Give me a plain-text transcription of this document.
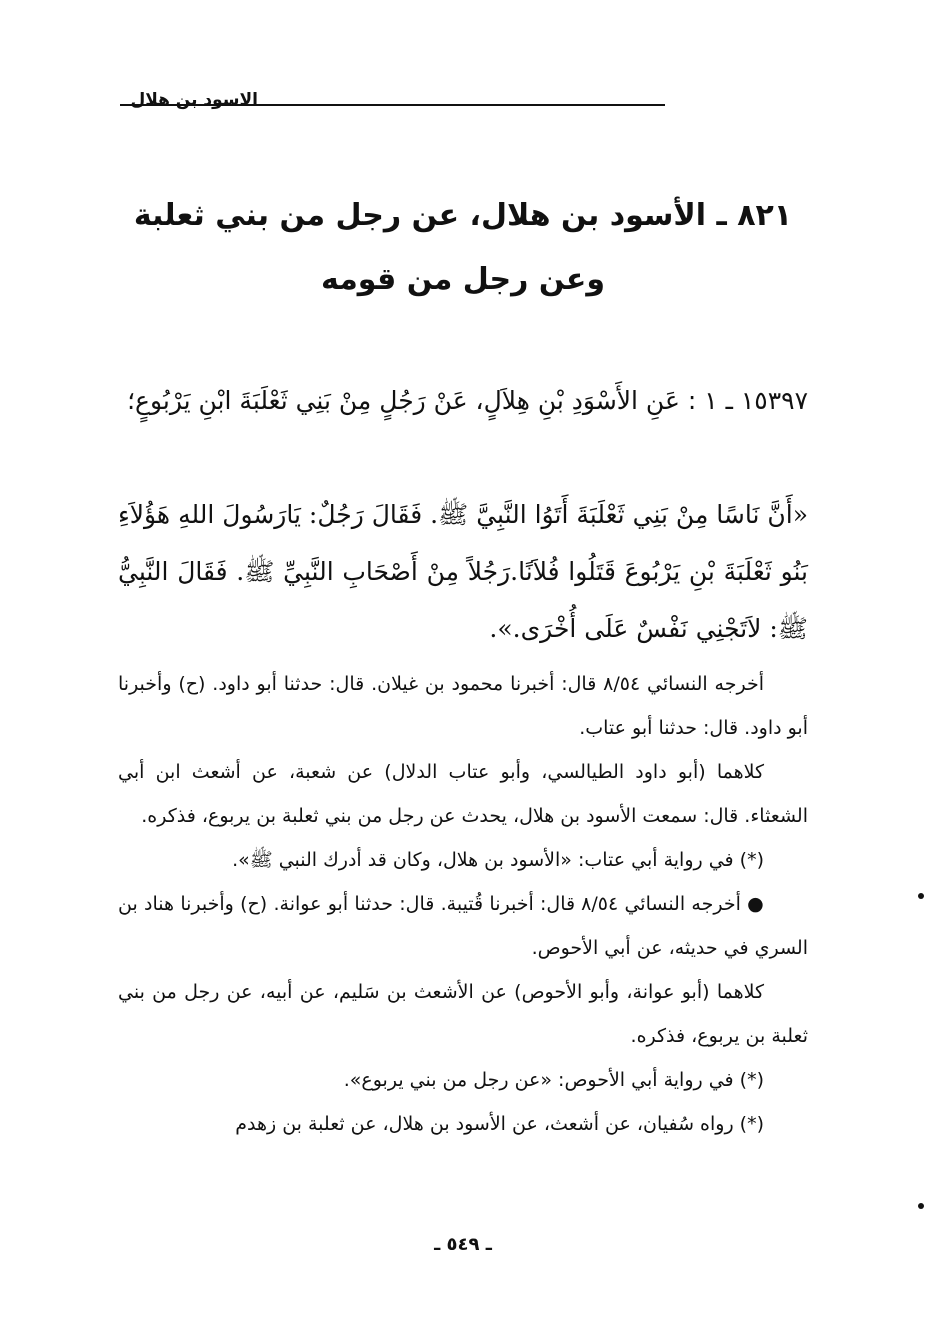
الاسود بن هلال
٨٢١ ـ الأسود بن هلال، عن رجل من بني ثعلبة
وعن رجل من قومه
١٥٣٩٧ ـ ١ : عَنِ الأَسْوَدِ بْنِ هِلاَلٍ، عَنْ رَجُلٍ مِنْ بَنِي ثَعْلَبَةَ ابْنِ يَرْبُوعٍ؛
«أَنَّ نَاسًا مِنْ بَنِي ثَعْلَبَةَ أَتَوُا النَّبِيَّ ﷺ. فَقَالَ رَجُلٌ: يَارَسُولَ اللهِ هَؤُلاَءِ بَنُو ثَعْلَبَةَ بْنِ يَرْبُوعَ قَتَلُوا فُلاَنًا.رَجُلاً مِنْ أَصْحَابِ النَّبِيِّ ﷺ. فَقَالَ النَّبِيُّ ﷺ: لاَتَجْنِي نَفْسٌ عَلَى أُخْرَى.».

أخرجه النسائي ٨/٥٤ قال: أخبرنا محمود بن غيلان. قال: حدثنا أبو داود. (ح) وأخبرنا أبو داود. قال: حدثنا أبو عتاب.

كلاهما (أبو داود الطيالسي، وأبو عتاب الدلال) عن شعبة، عن أشعث ابن أبي الشعثاء. قال: سمعت الأسود بن هلال، يحدث عن رجل من بني ثعلبة بن يربوع، فذكره.

(*) في رواية أبي عتاب: «الأسود بن هلال، وكان قد أدرك النبي ﷺ».

● أخرجه النسائي ٨/٥٤ قال: أخبرنا قُتيبة. قال: حدثنا أبو عوانة. (ح) وأخبرنا هناد بن السري في حديثه، عن أبي الأحوص.

كلاهما (أبو عوانة، وأبو الأحوص) عن الأشعث بن سَليم، عن أبيه، عن رجل من بني ثعلبة بن يربوع، فذكره.

(*) في رواية أبي الأحوص: «عن رجل من بني يربوع».

(*) رواه سُفيان، عن أشعث، عن الأسود بن هلال، عن ثعلبة بن زهدم

ـ ٥٤٩ ـ
